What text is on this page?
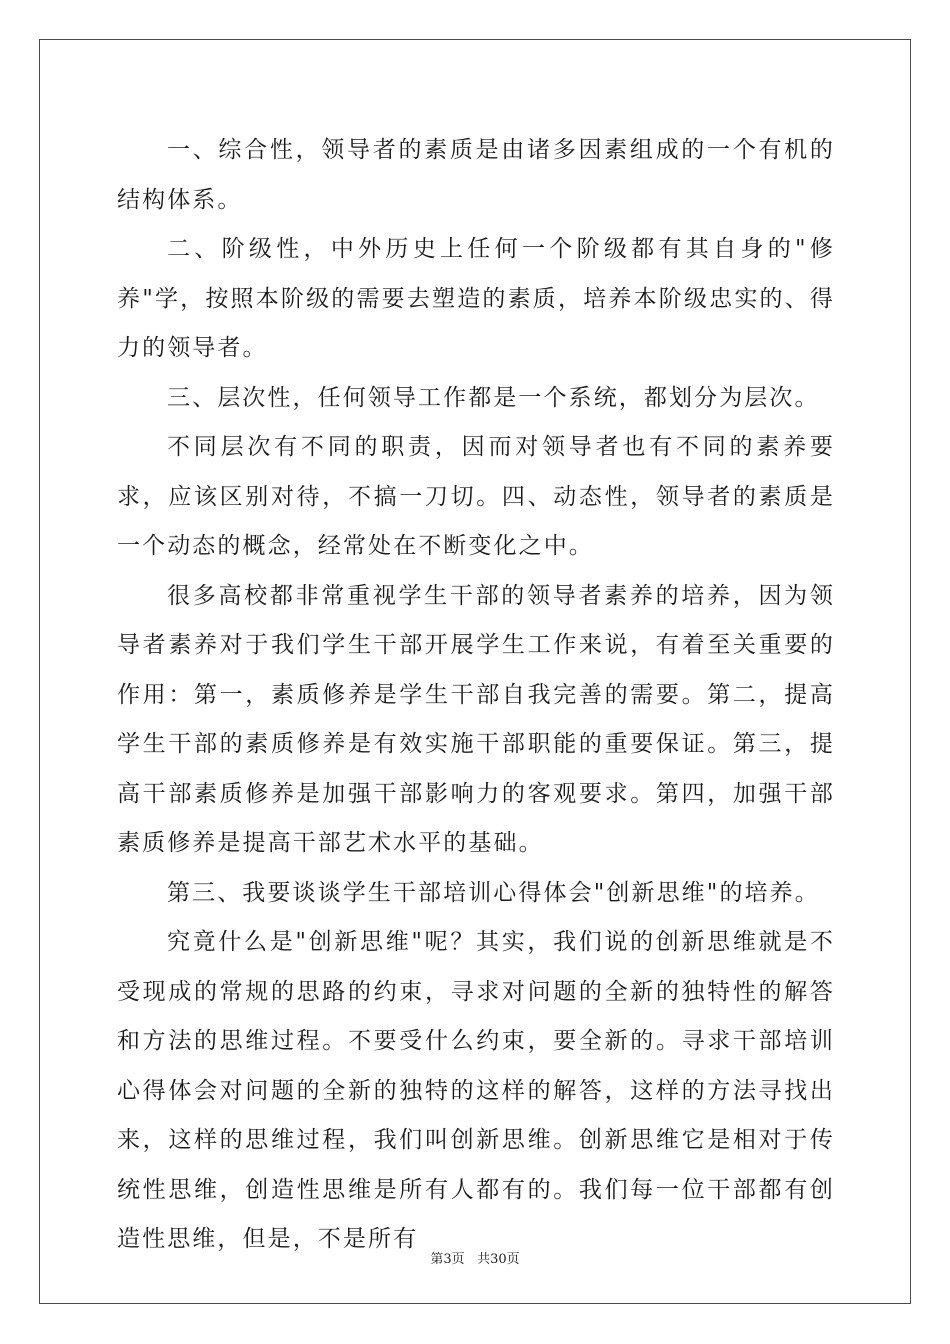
一、综合性，领导者的素质是由诸多因素组成的一个有机的结构体系。

二、阶级性，中外历史上任何一个阶级都有其自身的"修养"学，按照本阶级的需要去塑造的素质，培养本阶级忠实的、得力的领导者。

三、层次性，任何领导工作都是一个系统，都划分为层次。

不同层次有不同的职责，因而对领导者也有不同的素养要求，应该区别对待，不搞一刀切。四、动态性，领导者的素质是一个动态的概念，经常处在不断变化之中。

很多高校都非常重视学生干部的领导者素养的培养，因为领导者素养对于我们学生干部开展学生工作来说，有着至关重要的作用：第一，素质修养是学生干部自我完善的需要。第二，提高学生干部的素质修养是有效实施干部职能的重要保证。第三，提高干部素质修养是加强干部影响力的客观要求。第四，加强干部素质修养是提高干部艺术水平的基础。

第三、我要谈谈学生干部培训心得体会"创新思维"的培养。

究竟什么是"创新思维"呢？其实，我们说的创新思维就是不受现成的常规的思路的约束，寻求对问题的全新的独特性的解答和方法的思维过程。不要受什么约束，要全新的。寻求干部培训心得体会对问题的全新的独特的这样的解答，这样的方法寻找出来，这样的思维过程，我们叫创新思维。创新思维它是相对于传统性思维，创造性思维是所有人都有的。我们每一位干部都有创造性思维，但是，不是所有

第3页 共30页
